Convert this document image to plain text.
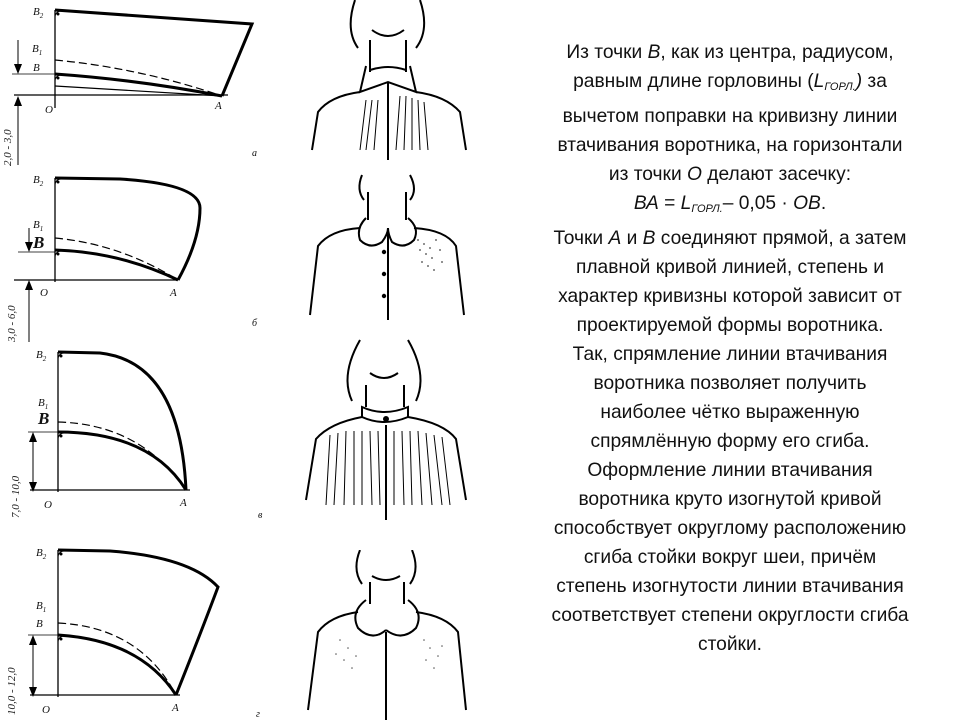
$В_2$
$В_1$
В
О	А
а
2,0 - 3,0
$В_2$
$В_1$
В
О	А
б
3,0 - 6,0
$В_2$
$В_1$
В
О	А
в
7,0 - 10,0
$В_2$
$В_1$
В
О	А
г
10,0 - 12,0
Из точки В, как из центра, радиусом,
равным длине горловины $(L_{ГОРЛ.})$ за
вычетом поправки на кривизну линии
втачивания воротника, на горизонтали
из точки О делают засечку:
ВА = $L_{ГОРЛ.}-$ 0,05 · ОВ.
Точки А и В соединяют прямой, а затем
плавной кривой линией, степень и
характер кривизны которой зависит от
проектируемой формы воротника.
Так, спрямление линии втачивания
воротника позволяет получить
наиболее чётко выраженную
спрямлённую форму его сгиба.
Оформление линии втачивания
воротника круто изогнутой кривой
способствует округлому расположению
сгиба стойки вокруг шеи, причём
степень изогнутости линии втачивания
соответствует степени округлости сгиба
стойки.
